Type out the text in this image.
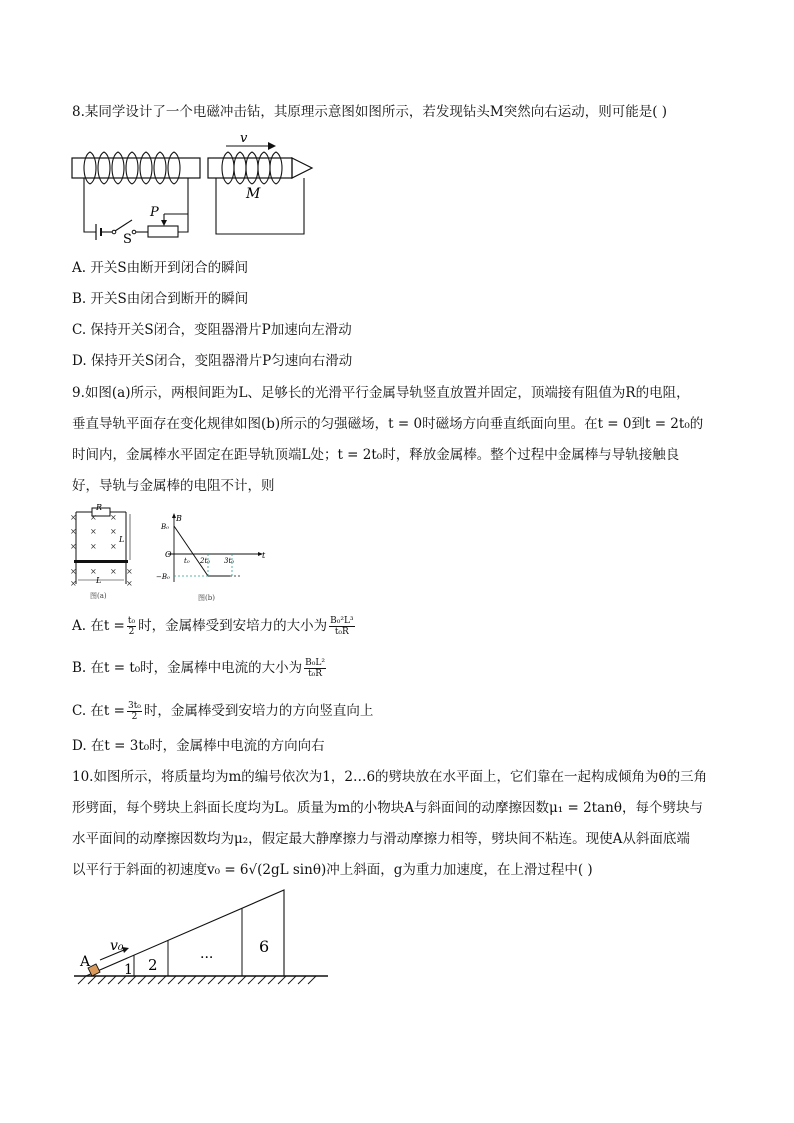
8.某同学设计了一个电磁冲击钻，其原理示意图如图所示，若发现钻头M突然向右运动，则可能是( )
v
M
P
S
A. 开关S由断开到闭合的瞬间
B. 开关S由闭合到断开的瞬间
C. 保持开关S闭合，变阻器滑片P加速向左滑动
D. 保持开关S闭合，变阻器滑片P匀速向右滑动
9.如图(a)所示，两根间距为L、足够长的光滑平行金属导轨竖直放置并固定，顶端接有阻值为R的电阻，
垂直导轨平面存在变化规律如图(b)所示的匀强磁场，t = 0时磁场方向垂直纸面向里。在t = 0到t = 2t₀的
时间内，金属棒水平固定在距导轨顶端L处；t = 2t₀时，释放金属棒。整个过程中金属棒与导轨接触良
好，导轨与金属棒的电阻不计，则
× × ×
× × ×
× × ×
× × ×
×
×
×
R
L
L
图(a)
B
B₀
O	t
t₀ 2t₀ 3t₀
−B₀
图(b)
A. 在$t = \frac{\text{t₀}}{2}$ 时，金属棒受到安培力的大小为 $\frac{\text{B₀²L³}}{\text{t₀R}}$
B. 在t = t₀时，金属棒中电流的大小为 $\frac{\text{B₀L²}}{\text{t₀R}}$
C. 在$t = \frac{\text{3t₀}}{2}$ 时，金属棒受到安培力的方向竖直向上
D. 在t = 3t₀时，金属棒中电流的方向向右
10.如图所示，将质量均为m的编号依次为1，2…6的劈块放在水平面上，它们靠在一起构成倾角为θ的三角
形劈面，每个劈块上斜面长度均为L。质量为m的小物块A与斜面间的动摩擦因数μ₁ = 2tanθ，每个劈块与
水平面间的动摩擦因数均为μ₂，假定最大静摩擦力与滑动摩擦力相等，劈块间不粘连。现使A从斜面底端
以平行于斜面的初速度v₀ = 6√(2gL sinθ)冲上斜面，g为重力加速度，在上滑过程中( )
A
v₀
1 2
...	6
